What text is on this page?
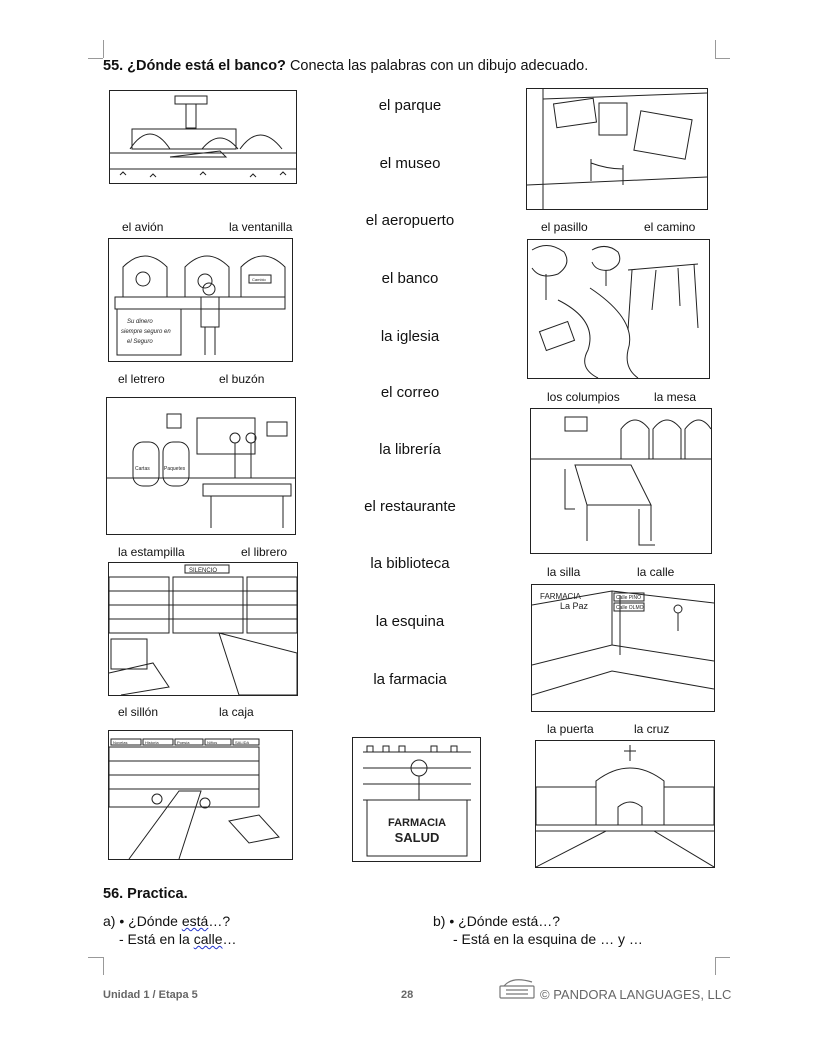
55. ¿Dónde está el banco? Conecta las palabras con un dibujo adecuado.
Cambio
Su dinero
siempre seguro en
el Seguro
Cartas	Paquetes
SILENCIO
Novelas	Historia	Poesía	Niños	SALIDA
el avión	la ventanilla
el letrero	el buzón
la estampilla	el librero
el sillón	la caja
el parque
el museo
el aeropuerto
el banco
la iglesia
el correo
la librería
el restaurante
la biblioteca
la esquina
la farmacia
FARMACIA
SALUD
FARMACIA
La Paz
Calle PINO
Calle OLMO
el pasillo	el camino
los columpios	la mesa
la silla	la calle
la puerta	la cruz
56. Practica.
a) • ¿Dónde está…?
- Está en la calle…
b) • ¿Dónde está…?
- Está en la esquina de … y …
Unidad 1 / Etapa 5	28	© PANDORA LANGUAGES, LLC
